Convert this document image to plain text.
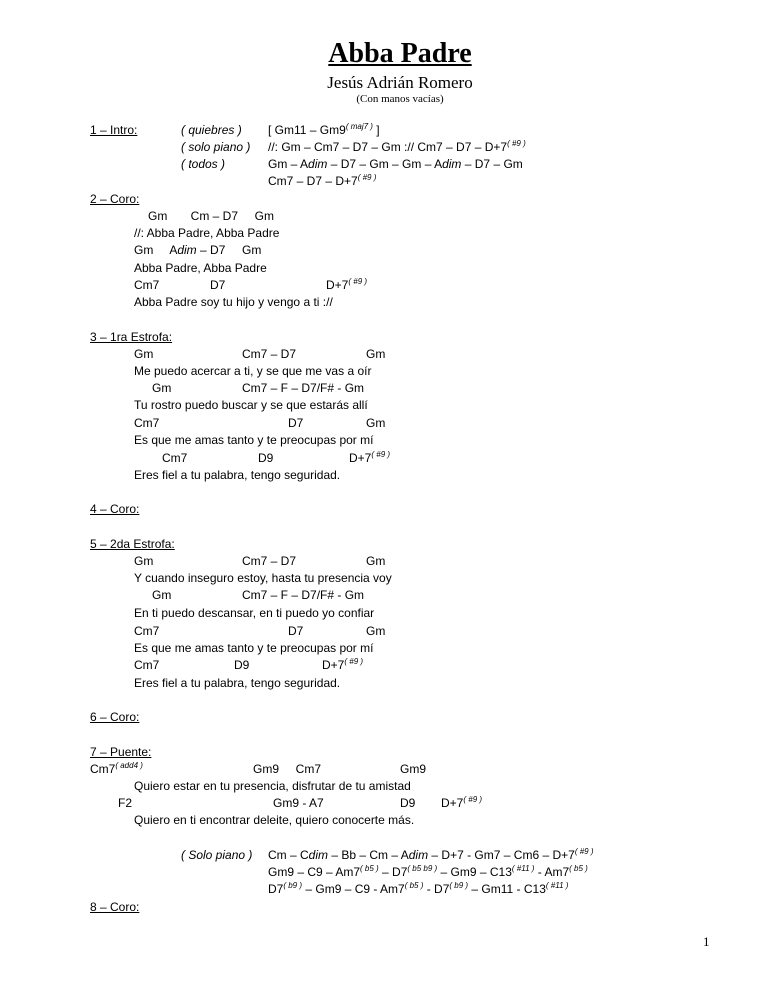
Abba Padre
Jesús Adrián Romero
(Con manos vacías)
1 – Intro:	( quiebres ) [ $Gm11 - Gm9^{( maj7 )}$ ]
( solo piano ) //: Gm – Cm7 – D7 – Gm :// $Cm7 - D7 - D+7^{( \#9 )}$
( todos )	Gm – Adim – D7 – Gm – Gm – Adim – D7 – Gm
$Cm7 - D7 - D+7^{( \#9 )}$
2 – Coro:
Gm       Cm – D7     Gm
//: Abba Padre, Abba Padre
Gm     Adim – D7     Gm
Abba Padre, Abba Padre
Cm7	D7	$D+7^{( \#9 )}$
Abba Padre soy tu hijo y vengo a ti ://
3 – 1ra Estrofa:
Gm	Cm7 – D7	Gm
Me puedo acercar a ti, y se que me vas a oír
Gm	Cm7 – F – D7/F# - Gm
Tu rostro puedo buscar y se que estarás allí
Cm7	D7	Gm
Es que me amas tanto y te preocupas por mí
Cm7	D9	$D+7^{( \#9 )}$
Eres fiel a tu palabra, tengo seguridad.
4 – Coro:
5 – 2da Estrofa:
Gm	Cm7 – D7	Gm
Y cuando inseguro estoy, hasta tu presencia voy
Gm	Cm7 – F – D7/F# - Gm
En ti puedo descansar, en ti puedo yo confiar
Cm7	D7	Gm
Es que me amas tanto y te preocupas por mí
Cm7	D9	$D+7^{( \#9 )}$
Eres fiel a tu palabra, tengo seguridad.
6 – Coro:
7 – Puente:
$Cm7^{( add4 )}$	Gm9     Cm7	Gm9
Quiero estar en tu presencia, disfrutar de tu amistad
F2	Gm9 - A7	D9 $D+7^{( \#9 )}$
Quiero en ti encontrar deleite, quiero conocerte más.
( Solo piano ) Cm – Cdim – Bb – Cm – Adim – $D+7 - Gm7 - Cm6 - D+7^{( \#9 )}$
$Gm9 - C9 - Am7^{( b5 )} - D7^{( b5 b9 )} - Gm9 - C13^{( \#11 )} - Am7^{( b5 )}$
$D7^{( b9 )} - Gm9 - C9 - Am7^{( b5 )} - D7^{( b9 )} - Gm11 - C13^{( \#11 )}$
8 – Coro:
1
